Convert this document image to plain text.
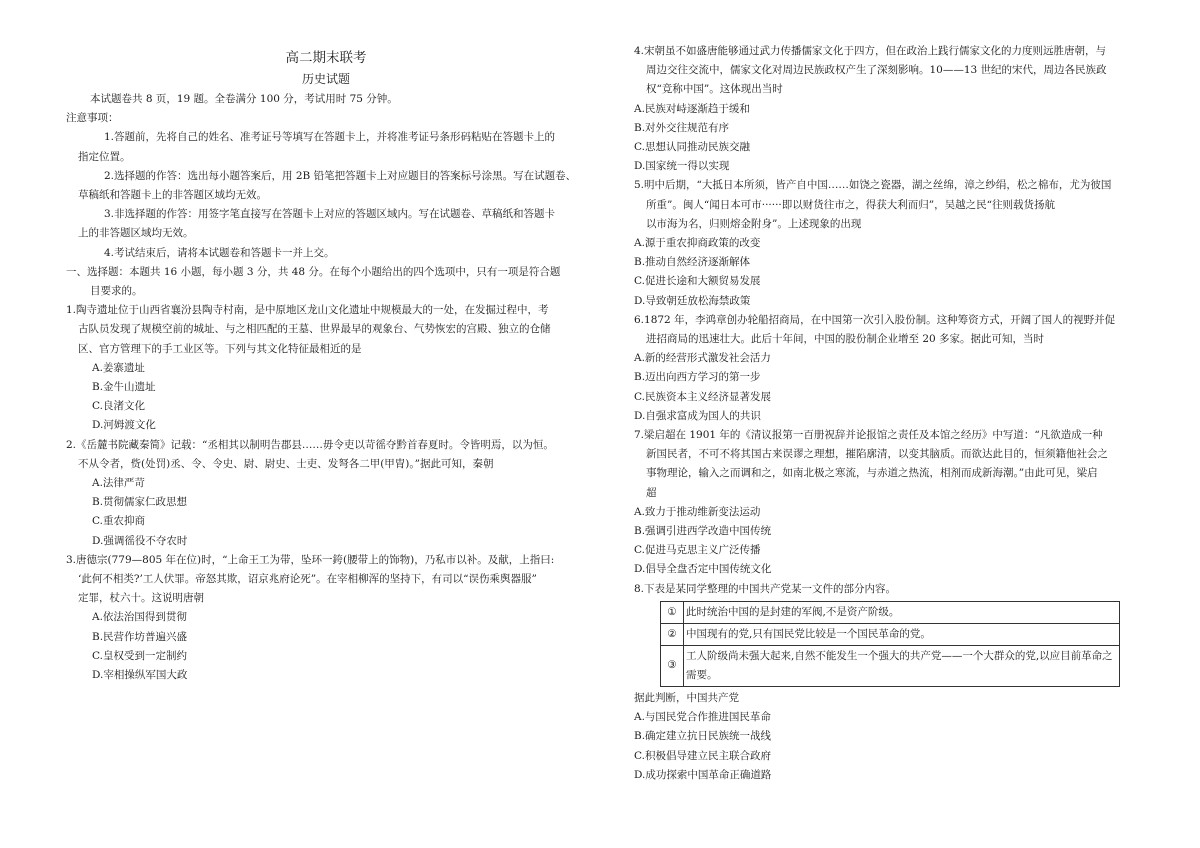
高二期末联考
历史试题

本试题卷共 8 页，19 题。全卷满分 100 分，考试用时 75 分钟。

注意事项：

1.答题前，先将自己的姓名、准考证号等填写在答题卡上，并将准考证号条形码粘贴在答题卡上的
指定位置。
2.选择题的作答：选出每小题答案后，用 2B 铅笔把答题卡上对应题目的答案标号涂黑。写在试题卷、
草稿纸和答题卡上的非答题区域均无效。
3.非选择题的作答：用签字笔直接写在答题卡上对应的答题区域内。写在试题卷、草稿纸和答题卡
上的非答题区域均无效。
4.考试结束后，请将本试题卷和答题卡一并上交。
一、选择题：本题共 16 小题，每小题 3 分，共 48 分。在每个小题给出的四个选项中，只有一项是符合题
目要求的。
1.陶寺遗址位于山西省襄汾县陶寺村南，是中原地区龙山文化遗址中规模最大的一处，在发掘过程中，考
古队员发现了规模空前的城址、与之相匹配的王墓、世界最早的观象台、气势恢宏的宫殿、独立的仓储
区、官方管理下的手工业区等。下列与其文化特征最相近的是
A.姜寨遗址
B.金牛山遗址
C.良渚文化
D.河姆渡文化
2.《岳麓书院藏秦简》记载：“丞相其以制明告郡县……毋令吏以苛徭夺黔首春夏时。令皆明焉，以为恒。
不从令者，赀(处罚)丞、令、令史、尉、尉史、士吏、发弩各二甲(甲胄)。”据此可知，秦朝
A.法律严苛
B.贯彻儒家仁政思想
C.重农抑商
D.强调徭役不夺农时
3.唐德宗(779—805 年在位)时，“上命王工为带，坠环一銙(腰带上的饰物)，乃私市以补。及献，上指曰:
‘此何不相类?’工人伏罪。帝怒其欺，诏京兆府论死”。在宰相柳浑的坚持下，有司以“误伤乘舆器服”
定罪，杖六十。这说明唐朝
A.依法治国得到贯彻
B.民营作坊普遍兴盛
C.皇权受到一定制约
D.宰相操纵军国大政
4.宋朝虽不如盛唐能够通过武力传播儒家文化于四方，但在政治上践行儒家文化的力度则远胜唐朝，与
周边交往交流中，儒家文化对周边民族政权产生了深刻影响。10——13 世纪的宋代，周边各民族政
权“竞称中国”。这体现出当时
A.民族对峙逐渐趋于缓和
B.对外交往规范有序
C.思想认同推动民族交融
D.国家统一得以实现
5.明中后期，“大抵日本所须，皆产自中国……如饶之瓷器，湖之丝绵，漳之纱绢，松之棉布，尤为彼国
所重”。闽人“闻日本可市······即以财货往市之，得获大利而归”，吴越之民“往则载货扬航
以市海为名，归则熔金附身”。上述现象的出现
A.源于重农抑商政策的改变
B.推动自然经济逐渐解体
C.促进长途和大额贸易发展
D.导致朝廷放松海禁政策
6.1872 年，李鸿章创办轮船招商局，在中国第一次引入股份制。这种筹资方式，开阔了国人的视野并促
进招商局的迅速壮大。此后十年间，中国的股份制企业增至 20 多家。据此可知，当时
A.新的经营形式激发社会活力
B.迈出向西方学习的第一步
C.民族资本主义经济显著发展
D.自强求富成为国人的共识
7.梁启超在 1901 年的《清议报第一百册祝辞并论报馆之责任及本馆之经历》中写道：“凡欲造成一种
新国民者，不可不将其国古来误谬之理想，摧陷廓清，以变其脑质。而欲达此目的，恒须籍他社会之
事物理论，输入之而调和之，如南北极之寒流，与赤道之热流，相剂而成新海潮。”由此可见，梁启
超
A.致力于推动维新变法运动
B.强调引进西学改造中国传统
C.促进马克思主义广泛传播
D.倡导全盘否定中国传统文化
8.下表是某同学整理的中国共产党某一文件的部分内容。
①	此时统治中国的是封建的军阀,不是资产阶级。
②	中国现有的党,只有国民党比较是一个国民革命的党。
③	工人阶级尚未强大起来,自然不能发生一个强大的共产党——一个大群众的党,以应目前革命之需要。
据此判断，中国共产党
A.与国民党合作推进国民革命
B.确定建立抗日民族统一战线
C.积极倡导建立民主联合政府
D.成功探索中国革命正确道路
